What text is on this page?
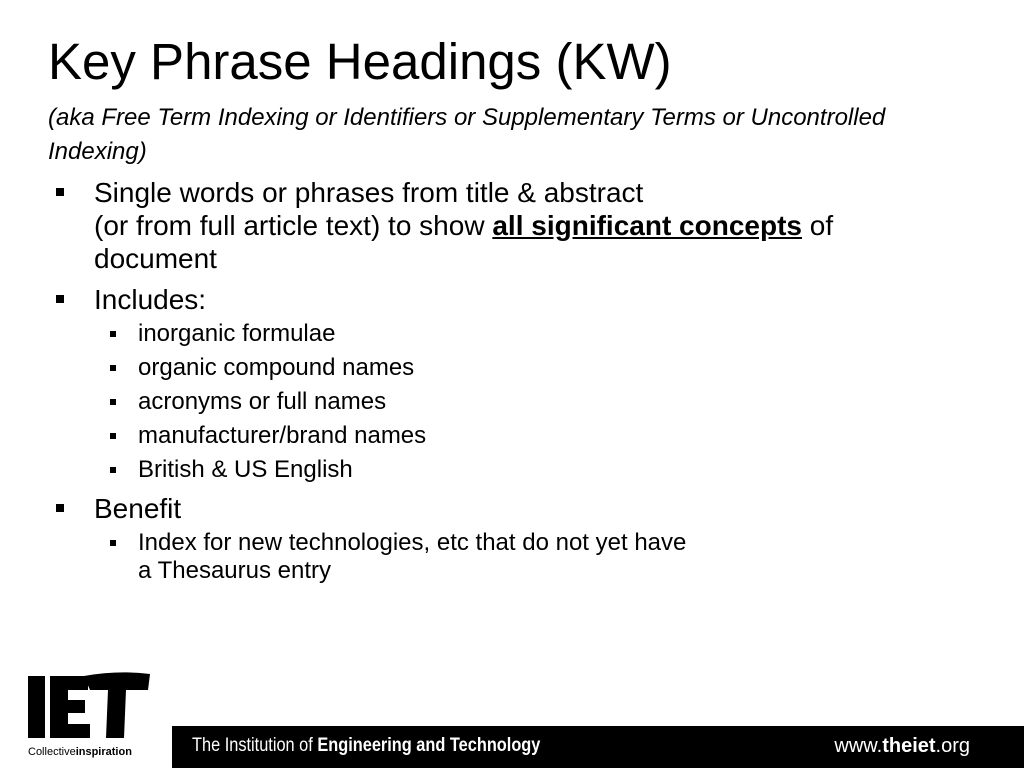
Key Phrase Headings (KW)

(aka Free Term Indexing or Identifiers or Supplementary Terms or Uncontrolled Indexing)

Single words or phrases from title & abstract
(or from full article text) to show all significant concepts of document
Includes:
inorganic formulae
organic compound names
acronyms or full names
manufacturer/brand names
British & US English
Benefit
Index for new technologies, etc that do not yet have
a Thesaurus entry
Collectiveinspiration	The Institution of Engineering and Technology	www.theiet.org
